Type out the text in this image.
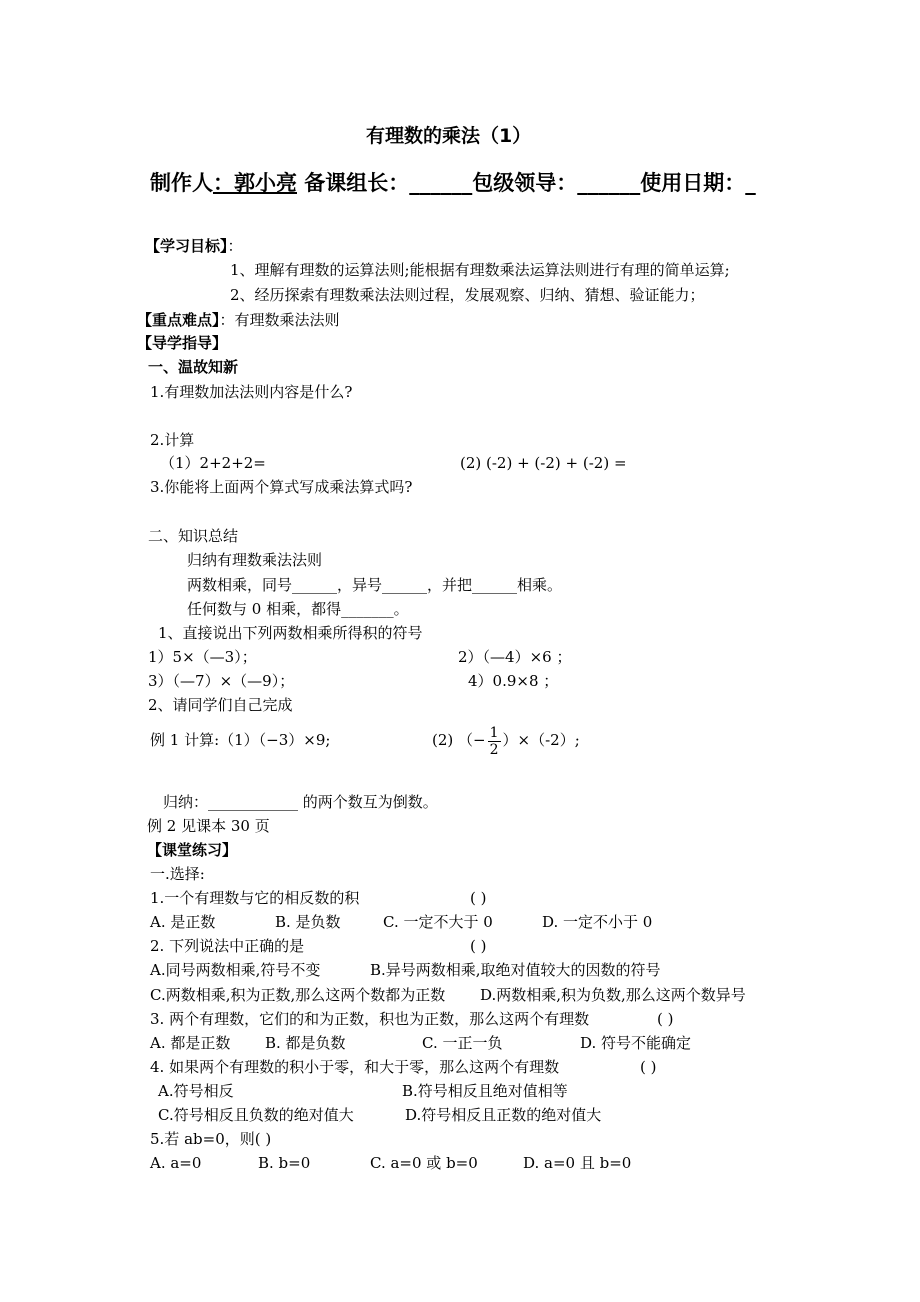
有理数的乘法（1）
制作人：郭小亮 备课组长：______包级领导：______使用日期：_
【学习目标】：
1、理解有理数的运算法则;能根据有理数乘法运算法则进行有理的简单运算;
2、经历探索有理数乘法法则过程，发展观察、归纳、猜想、验证能力；
【重点难点】：有理数乘法法则
【导学指导】
一、温故知新
1.有理数加法法则内容是什么?
2.计算
（1）2+2+2=	(2) (-2) + (-2) + (-2) =
3.你能将上面两个算式写成乘法算式吗?
二、知识总结
归纳有理数乘法法则
两数相乘，同号______，异号______，并把______相乘。
任何数与 0 相乘，都得_______。
1、直接说出下列两数相乘所得积的符号
1）5×（—3）；	2）（—4）×6 ；
3）（—7）×（—9）；	4）0.9×8 ；
2、请同学们自己完成
例 1 计算:（1）（−3）×9;	(2) （− $\frac{1}{2} )\times(-2)$;
归纳：____________ 的两个数互为倒数。
例 2 见课本 30 页
【课堂练习】
一.选择:
1.一个有理数与它的相反数的积	( )
A. 是正数	B. 是负数	C. 一定不大于 0	D. 一定不小于 0
2. 下列说法中正确的是	( )
A.同号两数相乘,符号不变	B.异号两数相乘,取绝对值较大的因数的符号
C.两数相乘,积为正数,那么这两个数都为正数 D.两数相乘,积为负数,那么这两个数异号
3. 两个有理数，它们的和为正数，积也为正数，那么这两个有理数	( )
A. 都是正数 B. 都是负数	C. 一正一负	D. 符号不能确定
4. 如果两个有理数的积小于零，和大于零，那么这两个有理数	( )
A.符号相反	B.符号相反且绝对值相等
C.符号相反且负数的绝对值大	D.符号相反且正数的绝对值大
5.若 ab=0，则( )
A. a=0	B. b=0	C. a=0 或 b=0	D. a=0 且 b=0
